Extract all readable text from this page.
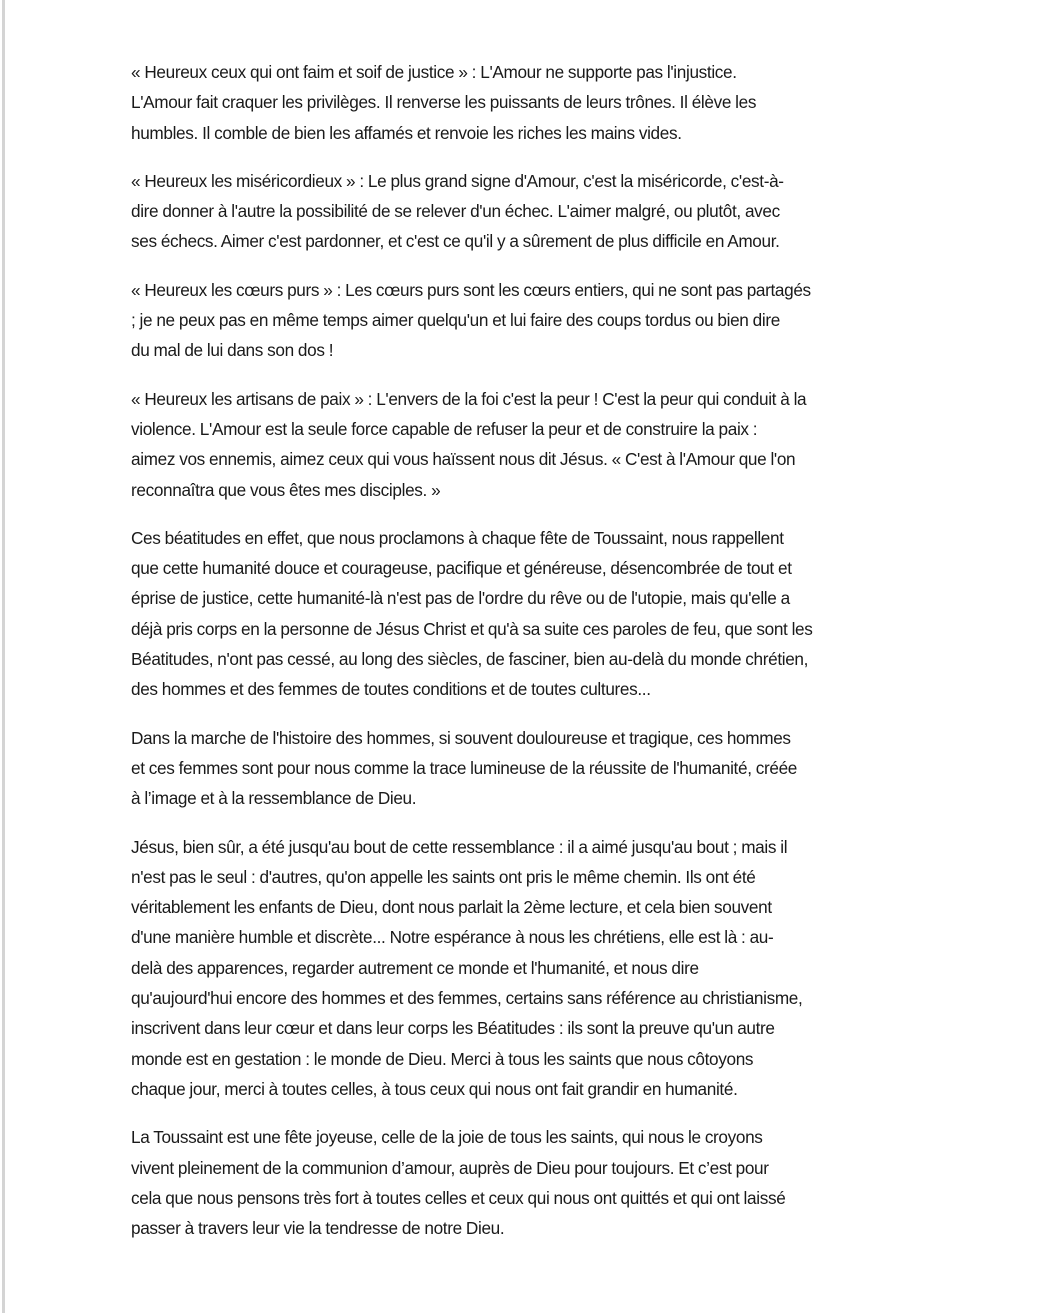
« Heureux ceux qui ont faim et soif de justice » : L'Amour ne supporte pas l'injustice.
L'Amour fait craquer les privilèges. Il renverse les puissants de leurs trônes. Il élève les
humbles. Il comble de bien les affamés et renvoie les riches les mains vides.

« Heureux les miséricordieux » : Le plus grand signe d'Amour, c'est la miséricorde, c'est-à-
dire donner à l'autre la possibilité de se relever d'un échec. L'aimer malgré, ou plutôt, avec
ses échecs. Aimer c'est pardonner, et c'est ce qu'il y a sûrement de plus difficile en Amour.

« Heureux les cœurs purs » : Les cœurs purs sont les cœurs entiers, qui ne sont pas partagés
; je ne peux pas en même temps aimer quelqu'un et lui faire des coups tordus ou bien dire
du mal de lui dans son dos !

« Heureux les artisans de paix » : L'envers de la foi c'est la peur ! C'est la peur qui conduit à la
violence. L'Amour est la seule force capable de refuser la peur et de construire la paix :
aimez vos ennemis, aimez ceux qui vous haïssent nous dit Jésus. « C'est à l'Amour que l'on
reconnaîtra que vous êtes mes disciples. »

Ces béatitudes en effet, que nous proclamons à chaque fête de Toussaint, nous rappellent
que cette humanité douce et courageuse, pacifique et généreuse, désencombrée de tout et
éprise de justice, cette humanité-là n'est pas de l'ordre du rêve ou de l'utopie, mais qu'elle a
déjà pris corps en la personne de Jésus Christ et qu'à sa suite ces paroles de feu, que sont les
Béatitudes, n'ont pas cessé, au long des siècles, de fasciner, bien au-delà du monde chrétien,
des hommes et des femmes de toutes conditions et de toutes cultures...

Dans la marche de l'histoire des hommes, si souvent douloureuse et tragique, ces hommes
et ces femmes sont pour nous comme la trace lumineuse de la réussite de l'humanité, créée
à l’image et à la ressemblance de Dieu.

Jésus, bien sûr, a été jusqu'au bout de cette ressemblance : il a aimé jusqu'au bout ; mais il
n'est pas le seul : d'autres, qu'on appelle les saints ont pris le même chemin. Ils ont été
véritablement les enfants de Dieu, dont nous parlait la 2ème lecture, et cela bien souvent
d'une manière humble et discrète... Notre espérance à nous les chrétiens, elle est là : au-
delà des apparences, regarder autrement ce monde et l'humanité, et nous dire
qu'aujourd'hui encore des hommes et des femmes, certains sans référence au christianisme,
inscrivent dans leur cœur et dans leur corps les Béatitudes : ils sont la preuve qu'un autre
monde est en gestation : le monde de Dieu. Merci à tous les saints que nous côtoyons
chaque jour, merci à toutes celles, à tous ceux qui nous ont fait grandir en humanité.

La Toussaint est une fête joyeuse, celle de la joie de tous les saints, qui nous le croyons
vivent pleinement de la communion d’amour, auprès de Dieu pour toujours. Et c’est pour
cela que nous pensons très fort à toutes celles et ceux qui nous ont quittés et qui ont laissé
passer à travers leur vie la tendresse de notre Dieu.
